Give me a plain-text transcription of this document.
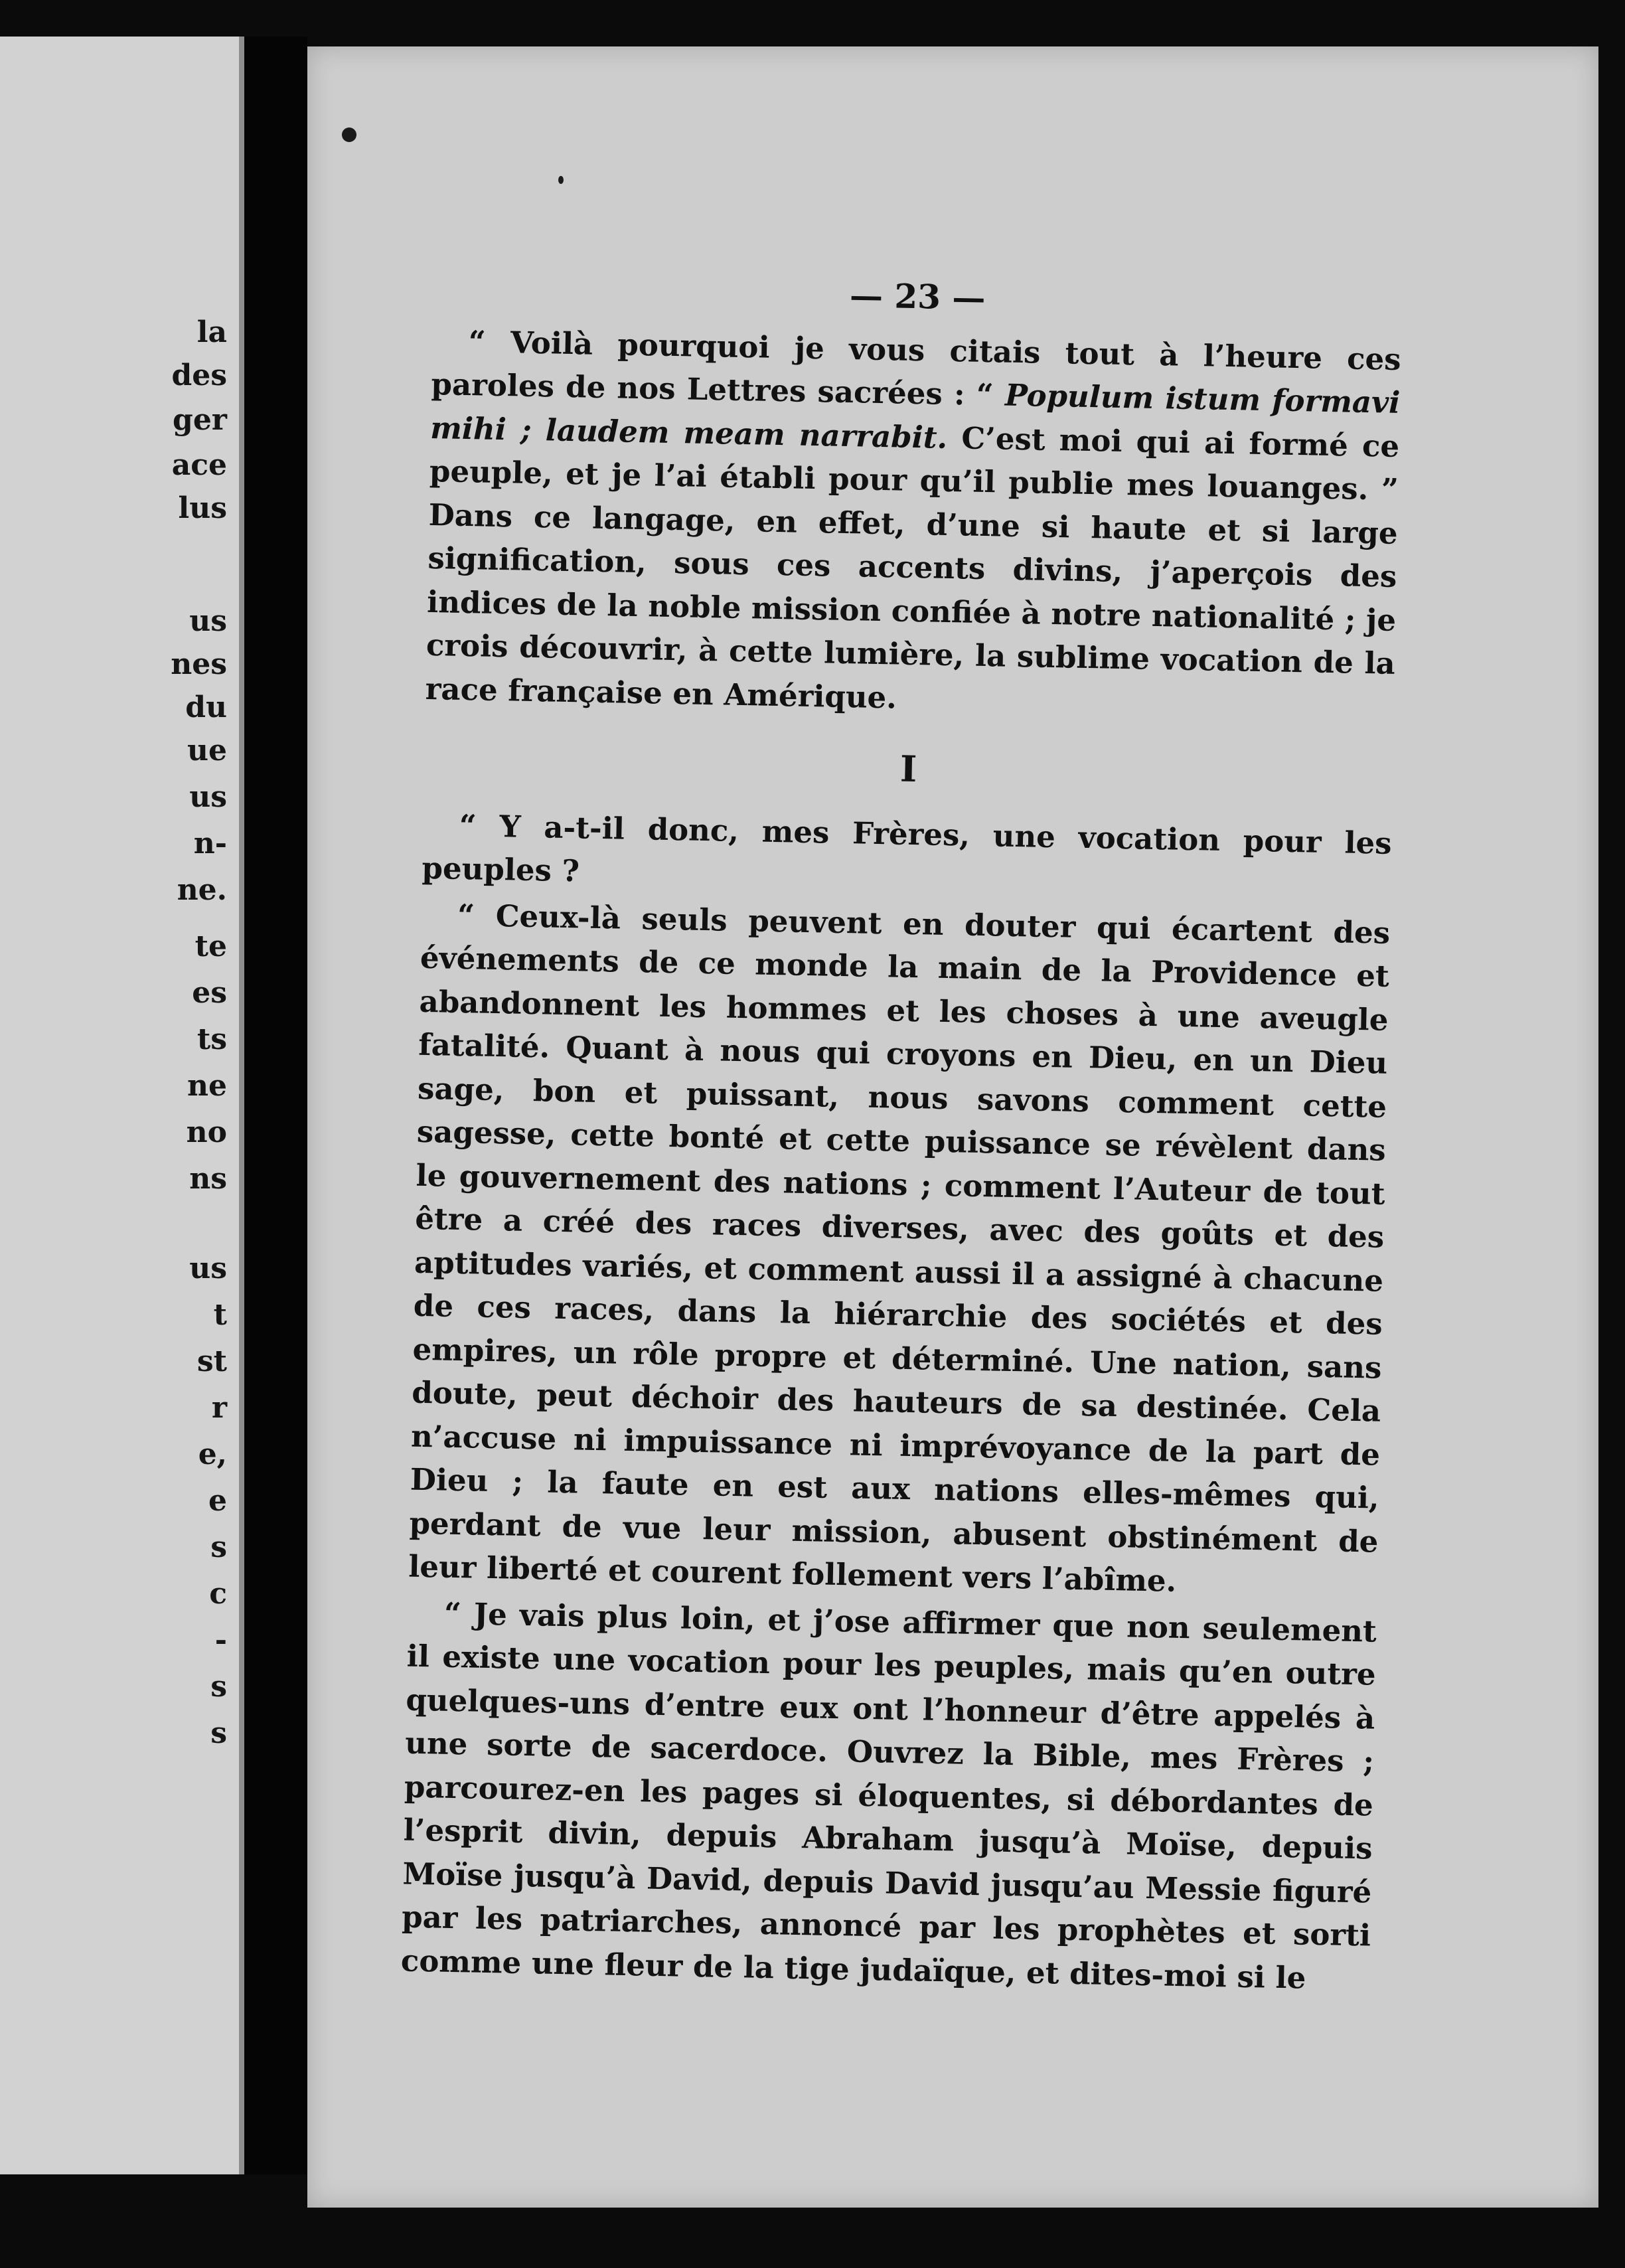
la
des
ger
ace
lus
us
nes
du
ue
us
n-
ne.
te
es
ts
ne
no
ns
us
t
st
r
e,
e
s
c
-
s
s
— 23 —

“ Voilà pourquoi je vous citais tout à l’heure ces paroles de nos Lettres sacrées : “ Populum istum formavi mihi ; laudem meam narrabit. C’est moi qui ai formé ce peuple, et je l’ai établi pour qu’il publie mes louanges. ” Dans ce langage, en effet, d’une si haute et si large signification, sous ces accents divins, j’aperçois des indices de la noble mission confiée à notre nationalité ; je crois découvrir, à cette lumière, la sublime vocation de la race française en Amérique.

I

“ Y a-t-il donc, mes Frères, une vocation pour les peuples ?

“ Ceux-là seuls peuvent en douter qui écartent des événements de ce monde la main de la Providence et abandonnent les hommes et les choses à une aveugle fatalité. Quant à nous qui croyons en Dieu, en un Dieu sage, bon et puissant, nous savons comment cette sagesse, cette bonté et cette puissance se révèlent dans le gouvernement des nations ; comment l’Auteur de tout être a créé des races diverses, avec des goûts et des aptitudes variés, et comment aussi il a assigné à chacune de ces races, dans la hiérarchie des sociétés et des empires, un rôle propre et déterminé. Une nation, sans doute, peut déchoir des hauteurs de sa destinée. Cela n’accuse ni impuissance ni imprévoyance de la part de Dieu ; la faute en est aux nations elles-mêmes qui, perdant de vue leur mission, abusent obstinément de leur liberté et courent follement vers l’abîme.

“ Je vais plus loin, et j’ose affirmer que non seulement il existe une vocation pour les peuples, mais qu’en outre quelques-uns d’entre eux ont l’honneur d’être appelés à une sorte de sacerdoce. Ouvrez la Bible, mes Frères ; parcourez-en les pages si éloquentes, si débordantes de l’esprit divin, depuis Abraham jusqu’à Moïse, depuis Moïse jusqu’à David, depuis David jusqu’au Messie figuré par les patriarches, annoncé par les prophètes et sorti comme une fleur de la tige judaïque, et dites-moi si le
